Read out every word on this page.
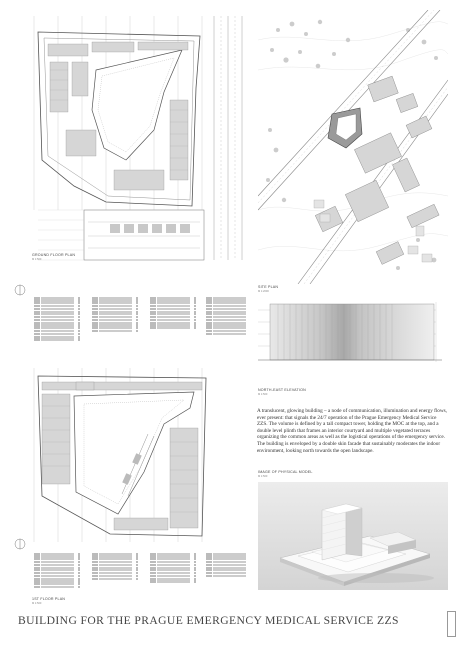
GROUND FLOOR PLAN
M 1:500
SITE PLAN
M 1:2000
NORTH-EAST ELEVATION
M 1:500
A translucent, glowing building – a node of communication, illumination and energy flows, ever present: that signals the 24/7 operation of the Prague Emergency Medical Service ZZS. The volume is defined by a tall compact tower, holding the MOC at the top, and a double level plinth that frames an interior courtyard and multiple vegetated terraces organizing the common areas as well as the logistical operations of the emergency service. The building is enveloped by a double skin facade that sustainably moderates the indoor environment, looking north towards the open landscape.
IMAGE OF PHYSICAL MODEL
M 1:500
1ST FLOOR PLAN
M 1:500
BUILDING FOR THE PRAGUE EMERGENCY MEDICAL SERVICE ZZS
